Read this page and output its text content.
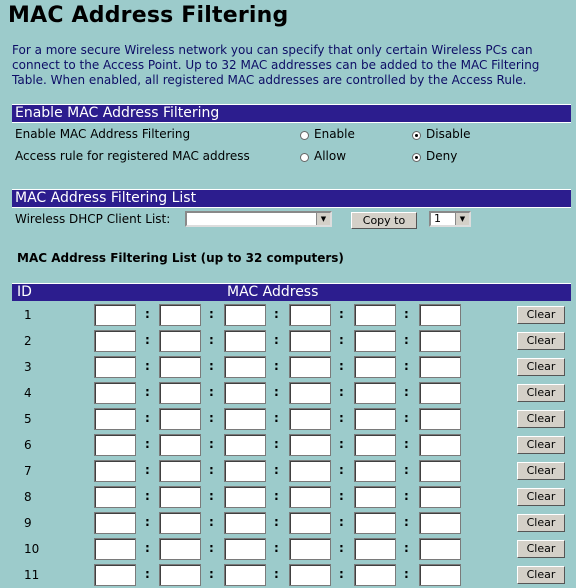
MAC Address Filtering
For a more secure Wireless network you can specify that only certain Wireless PCs can connect to the Access Point. Up to 32 MAC addresses can be added to the MAC Filtering Table. When enabled, all registered MAC addresses are controlled by the Access Rule.
Enable MAC Address Filtering
Enable MAC Address Filtering	Enable	Disable
Access rule for registered MAC address	Allow	Deny
MAC Address Filtering List
Wireless DHCP Client List:	▼	Copy to	1	▼
MAC Address Filtering List (up to 32 computers)
ID	MAC Address
1	:	:	:	:	:	Clear
2	:	:	:	:	:	Clear
3	:	:	:	:	:	Clear
4	:	:	:	:	:	Clear
5	:	:	:	:	:	Clear
6	:	:	:	:	:	Clear
7	:	:	:	:	:	Clear
8	:	:	:	:	:	Clear
9	:	:	:	:	:	Clear
10	:	:	:	:	:	Clear
11	:	:	:	:	:	Clear
